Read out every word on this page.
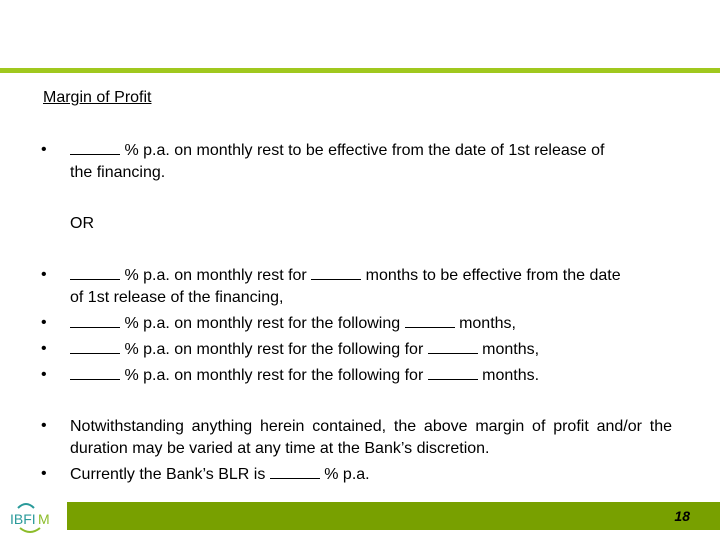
Margin of Profit
•	% p.a. on monthly rest to be effective from the date of 1st release of
the financing.
OR
•	% p.a. on monthly rest for	months to be effective from the date
of 1st release of the financing,
•	% p.a. on monthly rest for the following	months,
•	% p.a. on monthly rest for the following for	months,
•	% p.a. on monthly rest for the following for	months.
• Notwithstanding anything herein contained, the above margin of profit and/or the duration may be varied at any time at the Bank’s discretion.
• Currently the Bank’s BLR is	% p.a.
IBFI M	18
